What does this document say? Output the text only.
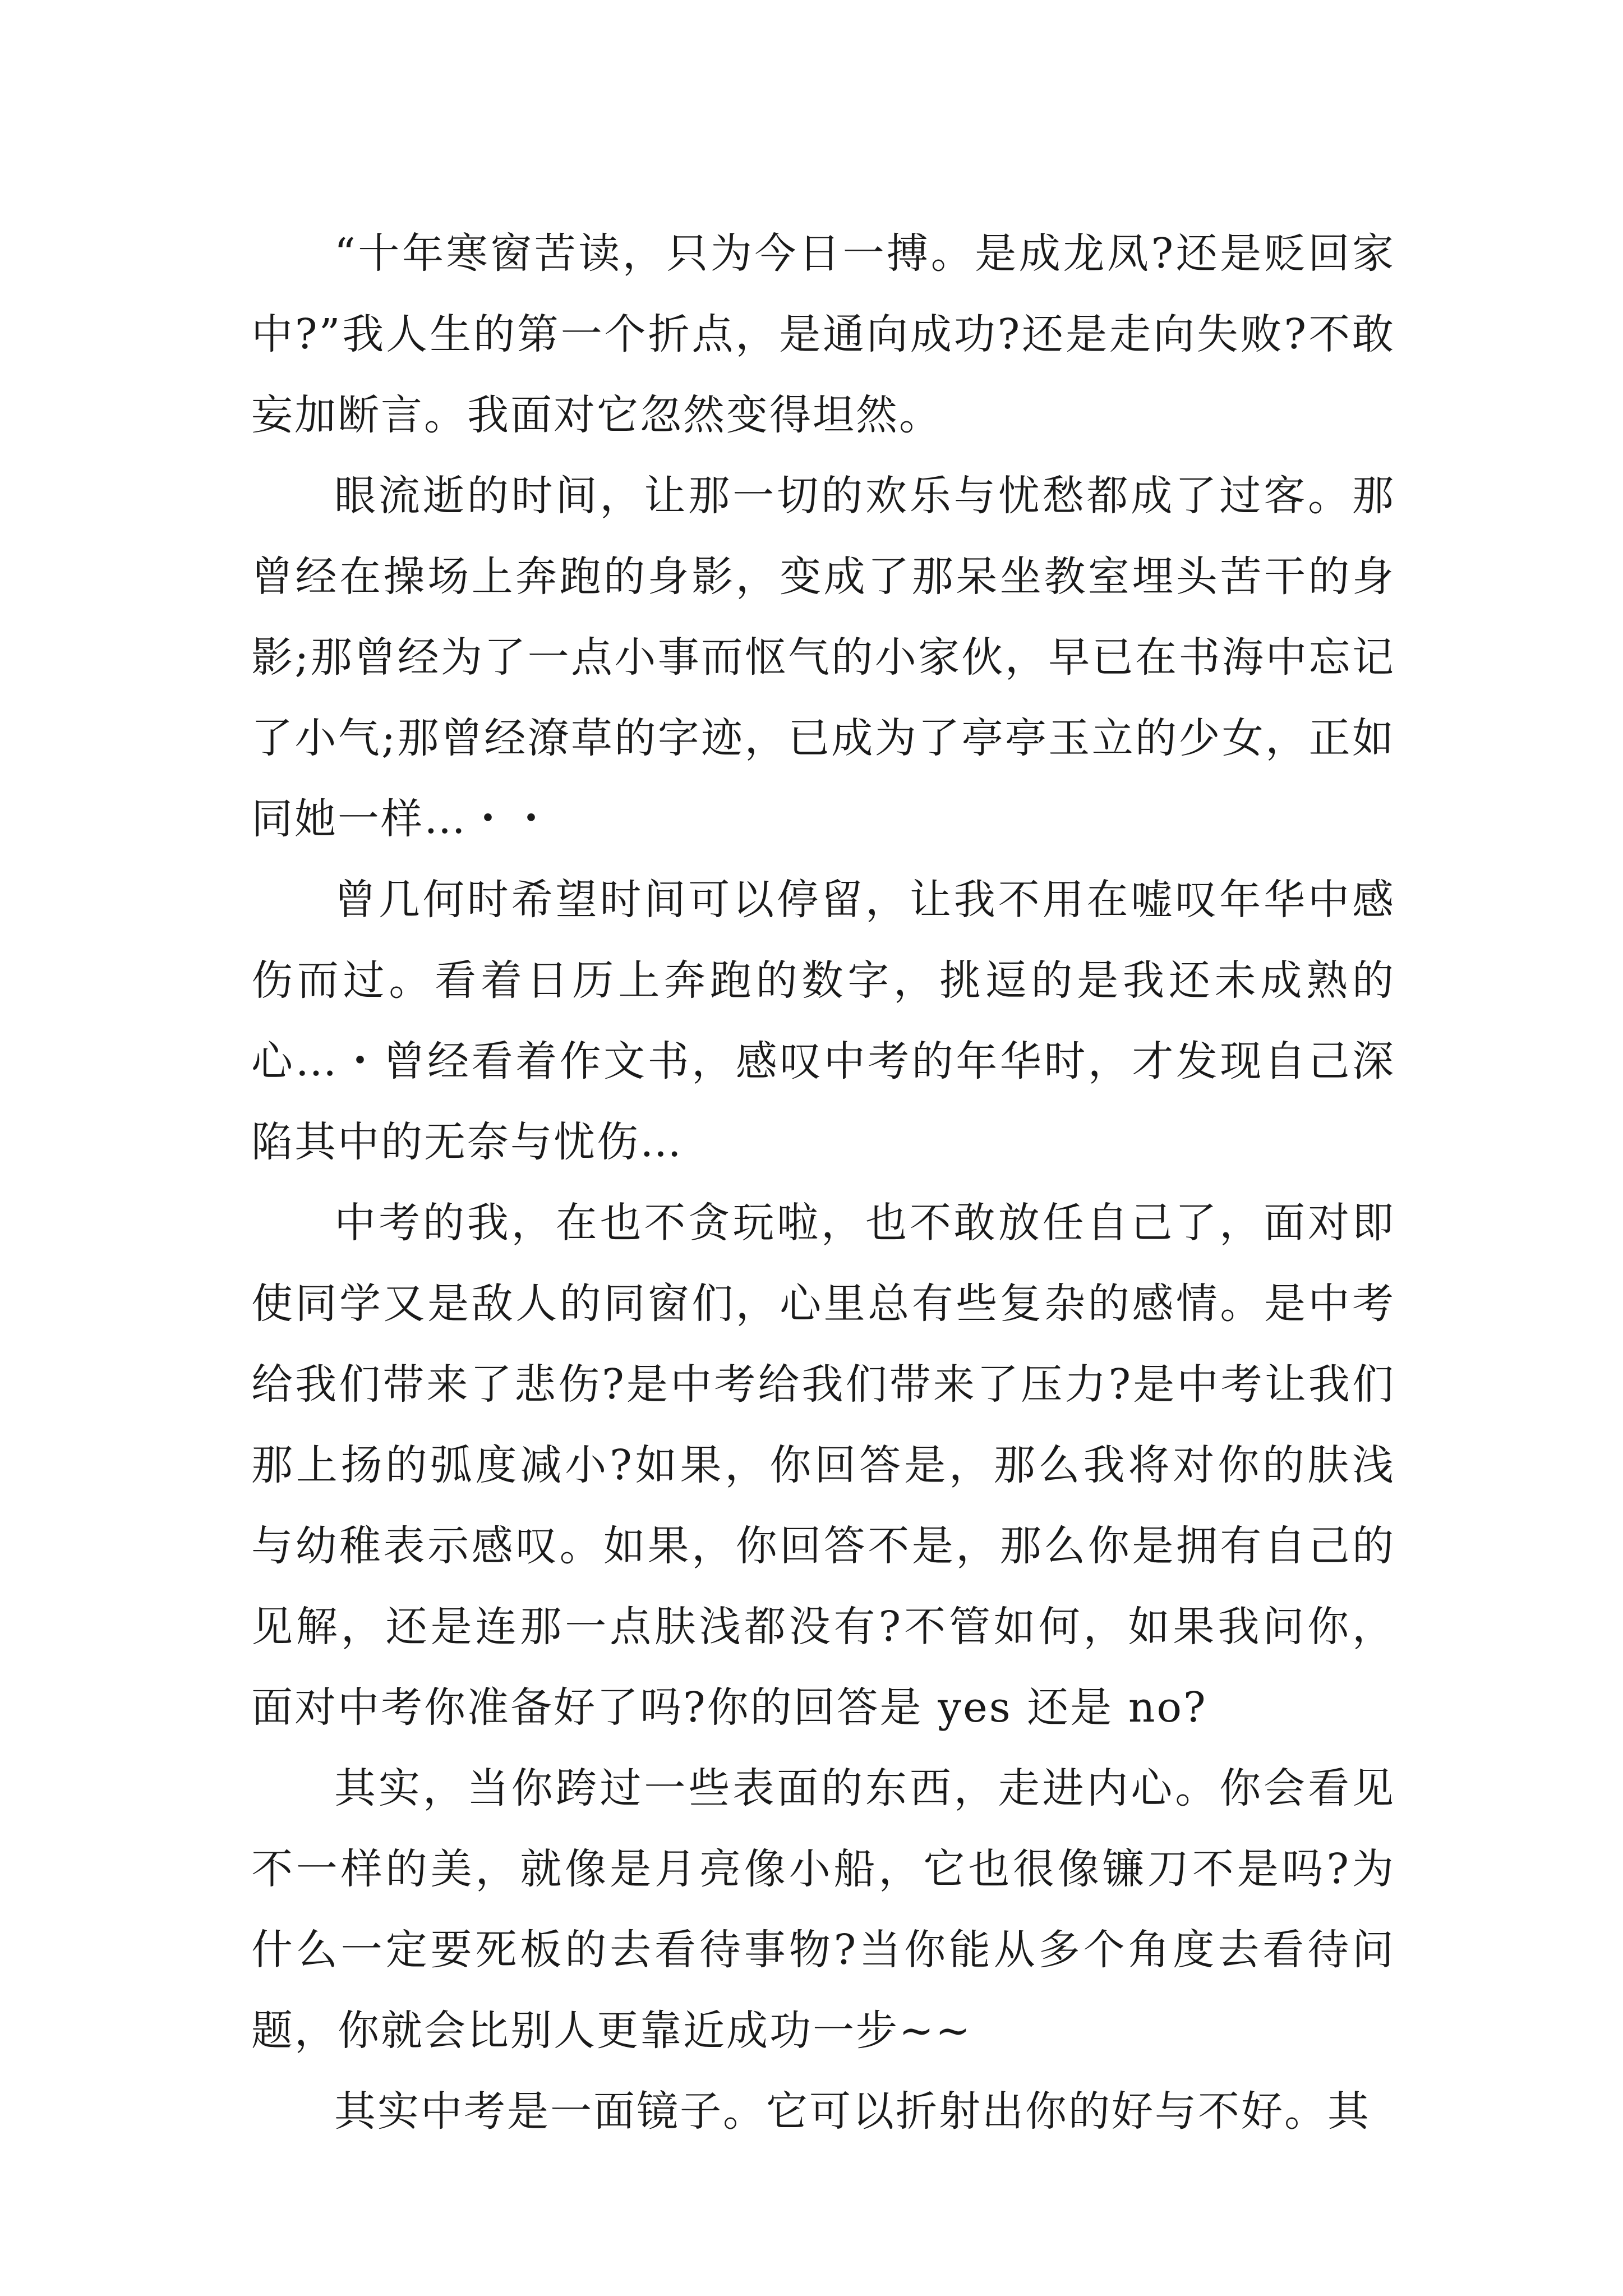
“十年寒窗苦读，只为今日一搏。是成龙凤?还是贬回家中?”我人生的第一个折点，是通向成功?还是走向失败?不敢妄加断言。我面对它忽然变得坦然。

眼流逝的时间，让那一切的欢乐与忧愁都成了过客。那曾经在操场上奔跑的身影，变成了那呆坐教室埋头苦干的身影;那曾经为了一点小事而怄气的小家伙，早已在书海中忘记了小气;那曾经潦草的字迹，已成为了亭亭玉立的少女，正如同她一样…・・

曾几何时希望时间可以停留，让我不用在嘘叹年华中感伤而过。看着日历上奔跑的数字，挑逗的是我还未成熟的心…・曾经看着作文书，感叹中考的年华时，才发现自己深陷其中的无奈与忧伤…

中考的我，在也不贪玩啦，也不敢放任自己了，面对即使同学又是敌人的同窗们，心里总有些复杂的感情。是中考给我们带来了悲伤?是中考给我们带来了压力?是中考让我们那上扬的弧度减小?如果，你回答是，那么我将对你的肤浅与幼稚表示感叹。如果，你回答不是，那么你是拥有自己的见解，还是连那一点肤浅都没有?不管如何，如果我问你，面对中考你准备好了吗?你的回答是 yes 还是 no?

其实，当你跨过一些表面的东西，走进内心。你会看见不一样的美，就像是月亮像小船，它也很像镰刀不是吗?为什么一定要死板的去看待事物?当你能从多个角度去看待问题，你就会比别人更靠近成功一步~~

其实中考是一面镜子。它可以折射出你的好与不好。其
